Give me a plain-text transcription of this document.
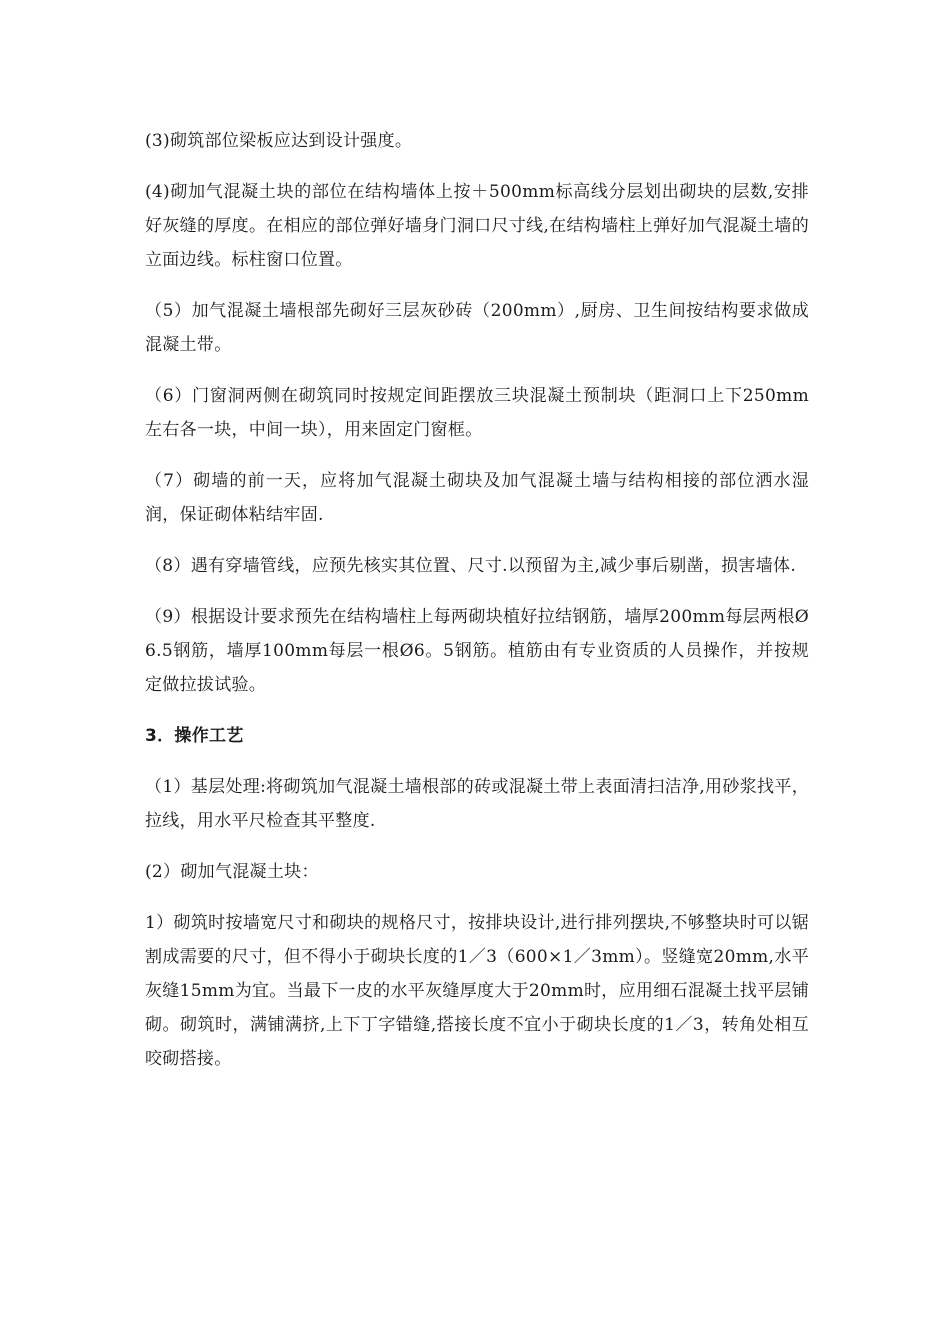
(3)砌筑部位梁板应达到设计强度。

(4)砌加气混凝土块的部位在结构墙体上按＋500mm标高线分层划出砌块的层数,安排好灰缝的厚度。在相应的部位弹好墙身门洞口尺寸线,在结构墙柱上弹好加气混凝土墙的立面边线。标柱窗口位置。

（5）加气混凝土墙根部先砌好三层灰砂砖（200mm）,厨房、卫生间按结构要求做成混凝土带。

（6）门窗洞两侧在砌筑同时按规定间距摆放三块混凝土预制块（距洞口上下250mm左右各一块，中间一块），用来固定门窗框。

（7）砌墙的前一天，应将加气混凝土砌块及加气混凝土墙与结构相接的部位洒水湿润，保证砌体粘结牢固.

（8）遇有穿墙管线，应预先核实其位置、尺寸.以预留为主,减少事后剔凿，损害墙体.

（9）根据设计要求预先在结构墙柱上每两砌块植好拉结钢筋，墙厚200mm每层两根Ø6.5钢筋，墙厚100mm每层一根Ø6。5钢筋。植筋由有专业资质的人员操作，并按规定做拉拔试验。

3．操作工艺

（1）基层处理:将砌筑加气混凝土墙根部的砖或混凝土带上表面清扫洁净,用砂浆找平，拉线，用水平尺检查其平整度.

(2）砌加气混凝土块：

1）砌筑时按墙宽尺寸和砌块的规格尺寸，按排块设计,进行排列摆块,不够整块时可以锯割成需要的尺寸，但不得小于砌块长度的1／3（600×1／3mm）。竖缝宽20mm,水平灰缝15mm为宜。当最下一皮的水平灰缝厚度大于20mm时，应用细石混凝土找平层铺砌。砌筑时，满铺满挤,上下丁字错缝,搭接长度不宜小于砌块长度的1／3，转角处相互咬砌搭接。
